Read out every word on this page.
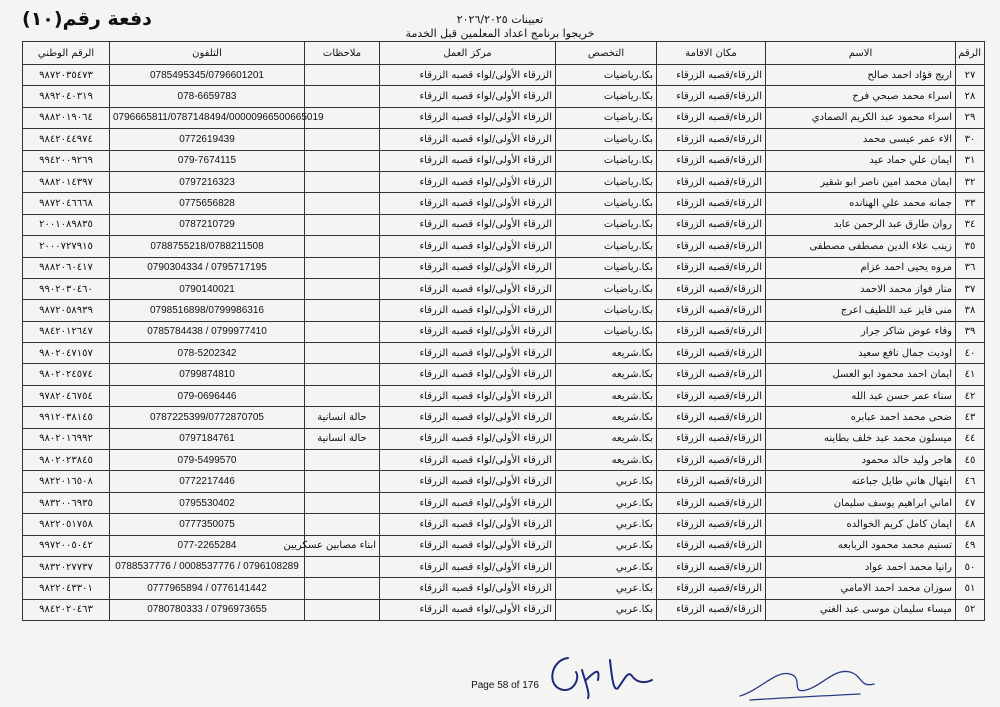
دفعة رقم(١٠)	تعيينات ٢٠٢٦/٢٠٢٥
خريجوا برنامج اعداد المعلمين قبل الخدمة
الرقم	الاسم	مكان الاقامة	التخصص	مركز العمل	ملاحظات	التلفون	الرقم الوطني
٢٧	اريج فؤاد احمد صالح	الزرقاء/قصبه الزرقاء	بكا.رياضيات	الزرقاء الأولى/لواء قصبه الزرقاء		0785495345/0796601201	٩٨٧٢٠٣٥٤٧٣
٢٨	اسراء محمد صبحي فرح	الزرقاء/قصبه الزرقاء	بكا.رياضيات	الزرقاء الأولى/لواء قصبه الزرقاء		078-6659783	٩٨٩٢٠٤٠٣١٩
٢٩	اسراء محمود عبد الكريم الصمادي	الزرقاء/قصبه الزرقاء	بكا.رياضيات	الزرقاء الأولى/لواء قصبه الزرقاء		0796665811/0787148494/00000966500665019	٩٨٨٢٠١٩٠٦٤
٣٠	الاء عمر عيسى محمد	الزرقاء/قصبه الزرقاء	بكا.رياضيات	الزرقاء الأولى/لواء قصبه الزرقاء		0772619439	٩٨٤٢٠٤٤٩٧٤
٣١	ايمان علي حماد عيد	الزرقاء/قصبه الزرقاء	بكا.رياضيات	الزرقاء الأولى/لواء قصبه الزرقاء		079-7674115	٩٩٤٢٠٠٩٢٦٩
٣٢	ايمان محمد امين ناصر ابو شقير	الزرقاء/قصبه الزرقاء	بكا.رياضيات	الزرقاء الأولى/لواء قصبه الزرقاء		0797216323	٩٨٨٢٠١٤٣٩٧
٣٣	جمانه محمد علي الهنانده	الزرقاء/قصبه الزرقاء	بكا.رياضيات	الزرقاء الأولى/لواء قصبه الزرقاء		0775656828	٩٨٧٢٠٤٦٦٦٨
٣٤	روان طارق عبد الرحمن عابد	الزرقاء/قصبه الزرقاء	بكا.رياضيات	الزرقاء الأولى/لواء قصبه الزرقاء		0787210729	٢٠٠١٠٨٩٨٣٥
٣٥	زينب علاء الدين مصطفى مصطفى	الزرقاء/قصبه الزرقاء	بكا.رياضيات	الزرقاء الأولى/لواء قصبه الزرقاء		0788755218/0788211508	٢٠٠٠٧٢٧٩١٥
٣٦	مروه يحيى احمد عزام	الزرقاء/قصبه الزرقاء	بكا.رياضيات	الزرقاء الأولى/لواء قصبه الزرقاء		0790304334 / 0795717195	٩٨٨٢٠٦٠٤١٧
٣٧	منار فواز محمد الاحمد	الزرقاء/قصبه الزرقاء	بكا.رياضيات	الزرقاء الأولى/لواء قصبه الزرقاء		0790140021	٩٩٠٢٠٣٠٤٦٠
٣٨	منى فايز عبد اللطيف اعرج	الزرقاء/قصبه الزرقاء	بكا.رياضيات	الزرقاء الأولى/لواء قصبه الزرقاء		0798516898/0799986316	٩٨٧٢٠٥٨٩٣٩
٣٩	وفاء عوض شاكر جرار	الزرقاء/قصبه الزرقاء	بكا.رياضيات	الزرقاء الأولى/لواء قصبه الزرقاء		0785784438 / 0799977410	٩٨٤٢٠١٢٦٤٧
٤٠	اوديت جمال نافع سعيد	الزرقاء/قصبه الزرقاء	بكا.شريعه	الزرقاء الأولى/لواء قصبه الزرقاء		078-5202342	٩٨٠٢٠٤٧١٥٧
٤١	ايمان احمد محمود ابو العسل	الزرقاء/قصبه الزرقاء	بكا.شريعه	الزرقاء الأولى/لواء قصبه الزرقاء		0799874810	٩٨٠٢٠٢٤٥٧٤
٤٢	سناء عمر حسن عبد الله	الزرقاء/قصبه الزرقاء	بكا.شريعه	الزرقاء الأولى/لواء قصبه الزرقاء		079-0696446	٩٧٨٢٠٤٦٧٥٤
٤٣	ضحى محمد احمد عبابره	الزرقاء/قصبه الزرقاء	بكا.شريعه	الزرقاء الأولى/لواء قصبه الزرقاء	حالة انسانية	0787225399/0772870705	٩٩١٢٠٣٨١٤٥
٤٤	ميسلون محمد عبد خلف بطاينه	الزرقاء/قصبه الزرقاء	بكا.شريعه	الزرقاء الأولى/لواء قصبه الزرقاء	حالة انسانية	0797184761	٩٨٠٢٠١٦٩٩٢
٤٥	هاجر وليد خالد محمود	الزرقاء/قصبه الزرقاء	بكا.شريعه	الزرقاء الأولى/لواء قصبه الزرقاء		079-5499570	٩٨٠٢٠٢٣٨٤٥
٤٦	ابتهال هاني طايل جباعته	الزرقاء/قصبه الزرقاء	بكا.عربي	الزرقاء الأولى/لواء قصبه الزرقاء		0772217446	٩٨٢٢٠١٦٥٠٨
٤٧	اماني ابراهيم يوسف سليمان	الزرقاء/قصبه الزرقاء	بكا.عربي	الزرقاء الأولى/لواء قصبه الزرقاء		0795530402	٩٨٣٢٠٠٦٩٣٥
٤٨	ايمان كامل كريم الخوالده	الزرقاء/قصبه الزرقاء	بكا.عربي	الزرقاء الأولى/لواء قصبه الزرقاء		0777350075	٩٨٢٢٠٥١٧٥٨
٤٩	تسنيم محمد محمود الربابعه	الزرقاء/قصبه الزرقاء	بكا.عربي	الزرقاء الأولى/لواء قصبه الزرقاء	ابناء مصابين عسكريين	077-2265284	٩٩٧٢٠٠٥٠٤٢
٥٠	رانيا محمد احمد عواد	الزرقاء/قصبه الزرقاء	بكا.عربي	الزرقاء الأولى/لواء قصبه الزرقاء		0788537776 / 0008537776 / 0796108289	٩٨٣٢٠٢٧٧٣٧
٥١	سوزان محمد احمد الامامي	الزرقاء/قصبه الزرقاء	بكا.عربي	الزرقاء الأولى/لواء قصبه الزرقاء		0777965894 / 0776141442	٩٨٢٢٠٤٣٣٠١
٥٢	ميساء سليمان موسى عبد الغني	الزرقاء/قصبه الزرقاء	بكا.عربي	الزرقاء الأولى/لواء قصبه الزرقاء		0780780333 / 0796973655	٩٨٤٢٠٢٠٤٦٣
Page 58 of 176
